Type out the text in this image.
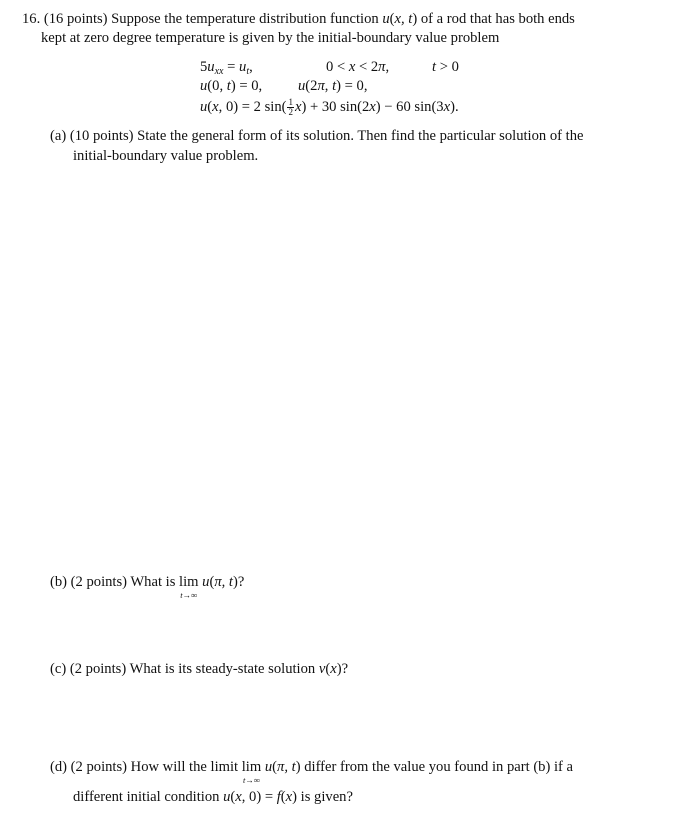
16. (16 points) Suppose the temperature distribution function u(x, t) of a rod that has both ends
kept at zero degree temperature is given by the initial-boundary value problem
$5u_{xx} = u_t$,	0 < x < 2π,	t > 0
u(0, t) = 0, u(2π, t) = 0,
u(x, 0) = 2 $\sin( \frac{1}{2} x) + 30$ sin(2x) − 60 sin(3x).
(a) (10 points) State the general form of its solution. Then find the particular solution of the
initial-boundary value problem.
(b) (2 points) What is lim
t→∞
u(π, t)?
(c) (2 points) What is its steady-state solution v(x)?
(d) (2 points) How will the limit lim
t→∞
u(π, t) differ from the value you found in part (b) if a
different initial condition u(x, 0) = f(x) is given?
